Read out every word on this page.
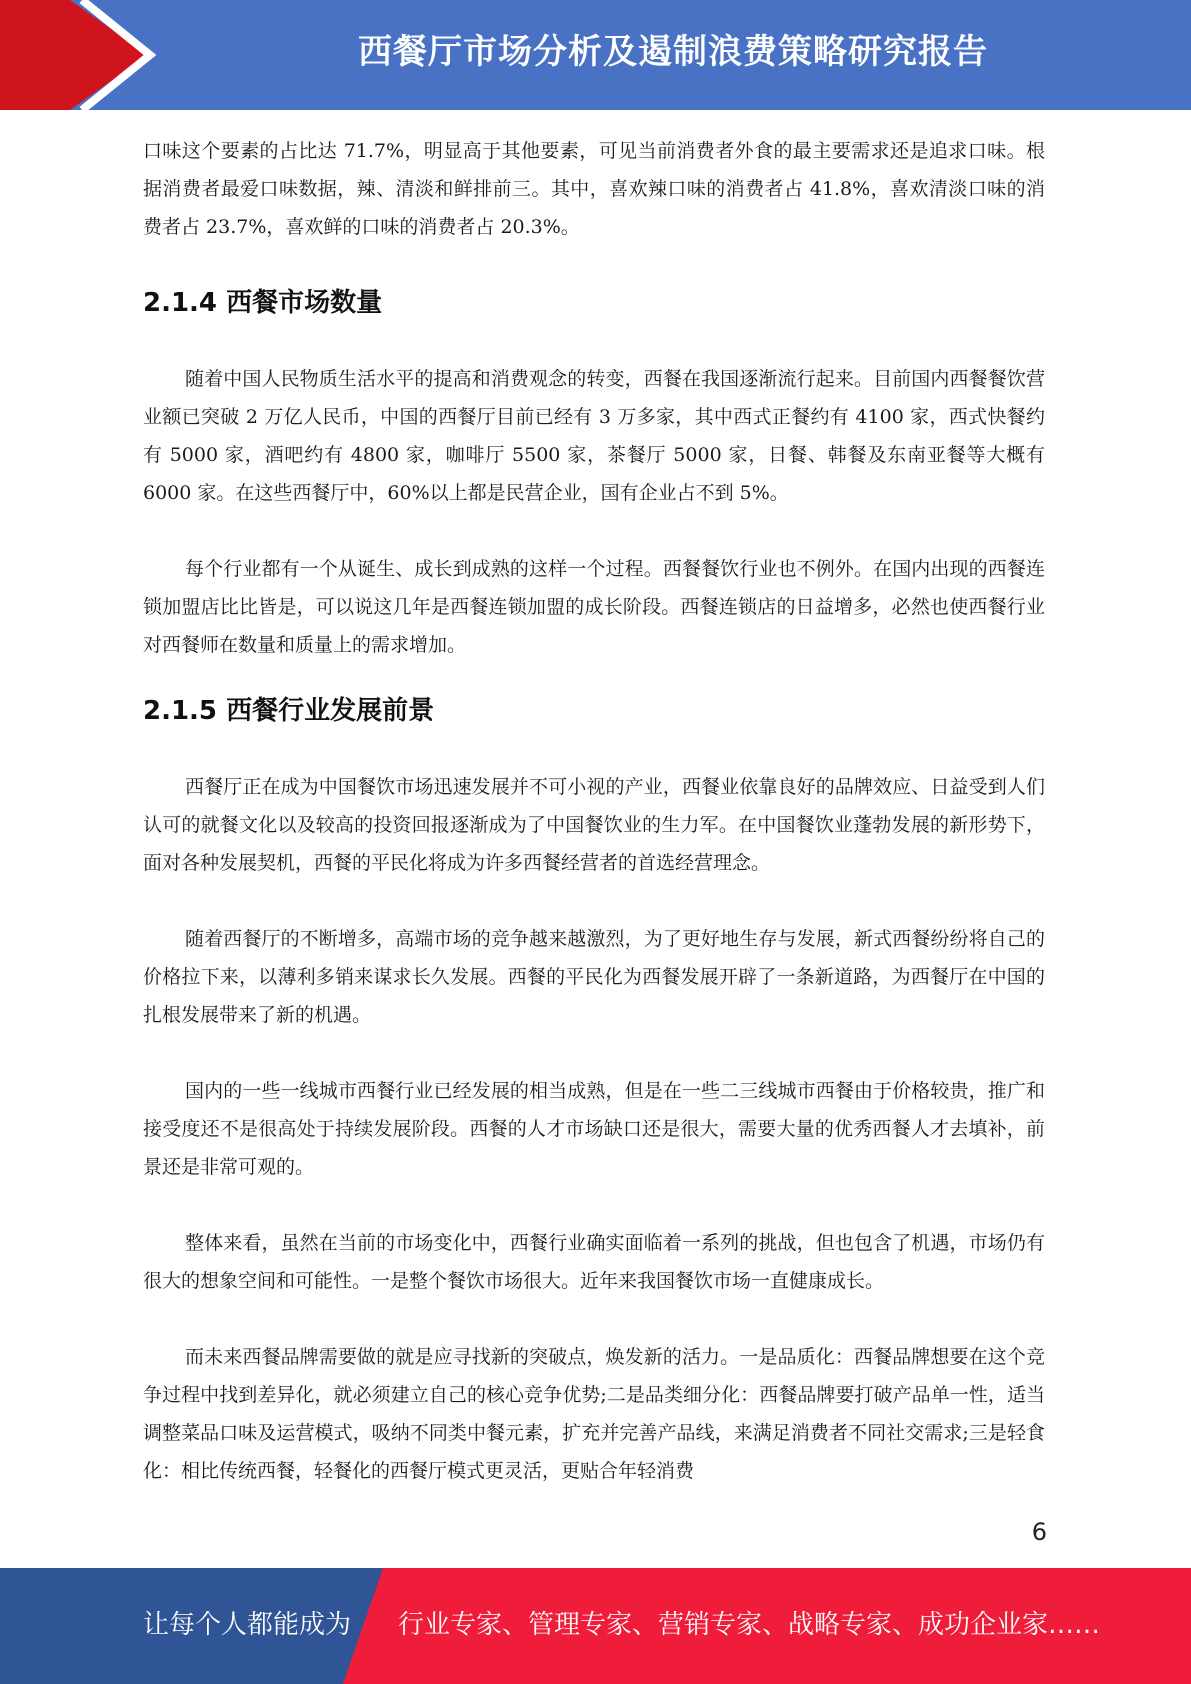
西餐厅市场分析及遏制浪费策略研究报告

口味这个要素的占比达 71.7%，明显高于其他要素，可见当前消费者外食的最主要需求还是追求口味。根据消费者最爱口味数据，辣、清淡和鲜排前三。其中，喜欢辣口味的消费者占 41.8%，喜欢清淡口味的消费者占 23.7%，喜欢鲜的口味的消费者占 20.3%。

2.1.4 西餐市场数量

随着中国人民物质生活水平的提高和消费观念的转变，西餐在我国逐渐流行起来。目前国内西餐餐饮营业额已突破 2 万亿人民币，中国的西餐厅目前已经有 3 万多家，其中西式正餐约有 4100 家，西式快餐约有 5000 家，酒吧约有 4800 家，咖啡厅 5500 家，茶餐厅 5000 家，日餐、韩餐及东南亚餐等大概有 6000 家。在这些西餐厅中，60%以上都是民营企业，国有企业占不到 5%。

每个行业都有一个从诞生、成长到成熟的这样一个过程。西餐餐饮行业也不例外。在国内出现的西餐连锁加盟店比比皆是，可以说这几年是西餐连锁加盟的成长阶段。西餐连锁店的日益增多，必然也使西餐行业对西餐师在数量和质量上的需求增加。

2.1.5 西餐行业发展前景

西餐厅正在成为中国餐饮市场迅速发展并不可小视的产业，西餐业依靠良好的品牌效应、日益受到人们认可的就餐文化以及较高的投资回报逐渐成为了中国餐饮业的生力军。在中国餐饮业蓬勃发展的新形势下，面对各种发展契机，西餐的平民化将成为许多西餐经营者的首选经营理念。

随着西餐厅的不断增多，高端市场的竞争越来越激烈，为了更好地生存与发展，新式西餐纷纷将自己的价格拉下来，以薄利多销来谋求长久发展。西餐的平民化为西餐发展开辟了一条新道路，为西餐厅在中国的扎根发展带来了新的机遇。

国内的一些一线城市西餐行业已经发展的相当成熟，但是在一些二三线城市西餐由于价格较贵，推广和接受度还不是很高处于持续发展阶段。西餐的人才市场缺口还是很大，需要大量的优秀西餐人才去填补，前景还是非常可观的。

整体来看，虽然在当前的市场变化中，西餐行业确实面临着一系列的挑战，但也包含了机遇，市场仍有很大的想象空间和可能性。一是整个餐饮市场很大。近年来我国餐饮市场一直健康成长。

而未来西餐品牌需要做的就是应寻找新的突破点，焕发新的活力。一是品质化：西餐品牌想要在这个竞争过程中找到差异化，就必须建立自己的核心竞争优势;二是品类细分化：西餐品牌要打破产品单一性，适当调整菜品口味及运营模式，吸纳不同类中餐元素，扩充并完善产品线，来满足消费者不同社交需求;三是轻食化：相比传统西餐，轻餐化的西餐厅模式更灵活，更贴合年轻消费

6
让每个人都能成为 行业专家、管理专家、营销专家、战略专家、成功企业家……
